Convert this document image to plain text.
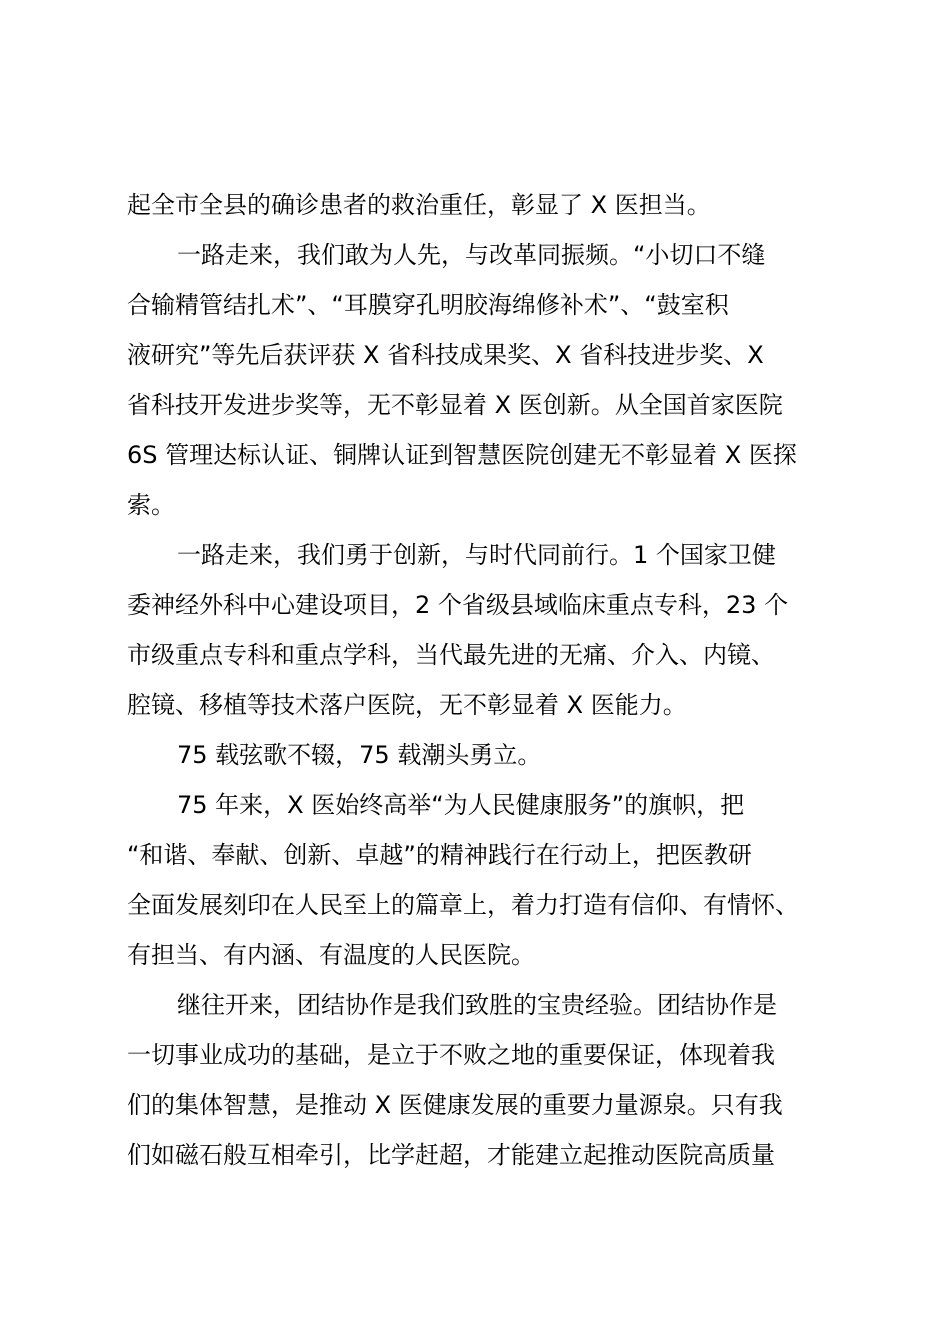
起全市全县的确诊患者的救治重任，彰显了 X 医担当。

一路走来，我们敢为人先，与改革同振频。“小切口不缝

合输精管结扎术”、“耳膜穿孔明胶海绵修补术”、“鼓室积

液研究”等先后获评获 X 省科技成果奖、X 省科技进步奖、X

省科技开发进步奖等，无不彰显着 X 医创新。从全国首家医院

6S 管理达标认证、铜牌认证到智慧医院创建无不彰显着 X 医探

索。

一路走来，我们勇于创新，与时代同前行。1 个国家卫健

委神经外科中心建设项目，2 个省级县域临床重点专科，23 个

市级重点专科和重点学科，当代最先进的无痛、介入、内镜、

腔镜、移植等技术落户医院，无不彰显着 X 医能力。

75 载弦歌不辍，75 载潮头勇立。

75 年来，X 医始终高举“为人民健康服务”的旗帜，把

“和谐、奉献、创新、卓越”的精神践行在行动上，把医教研

全面发展刻印在人民至上的篇章上，着力打造有信仰、有情怀、

有担当、有内涵、有温度的人民医院。

继往开来，团结协作是我们致胜的宝贵经验。团结协作是

一切事业成功的基础，是立于不败之地的重要保证，体现着我

们的集体智慧，是推动 X 医健康发展的重要力量源泉。只有我

们如磁石般互相牵引，比学赶超，才能建立起推动医院高质量
